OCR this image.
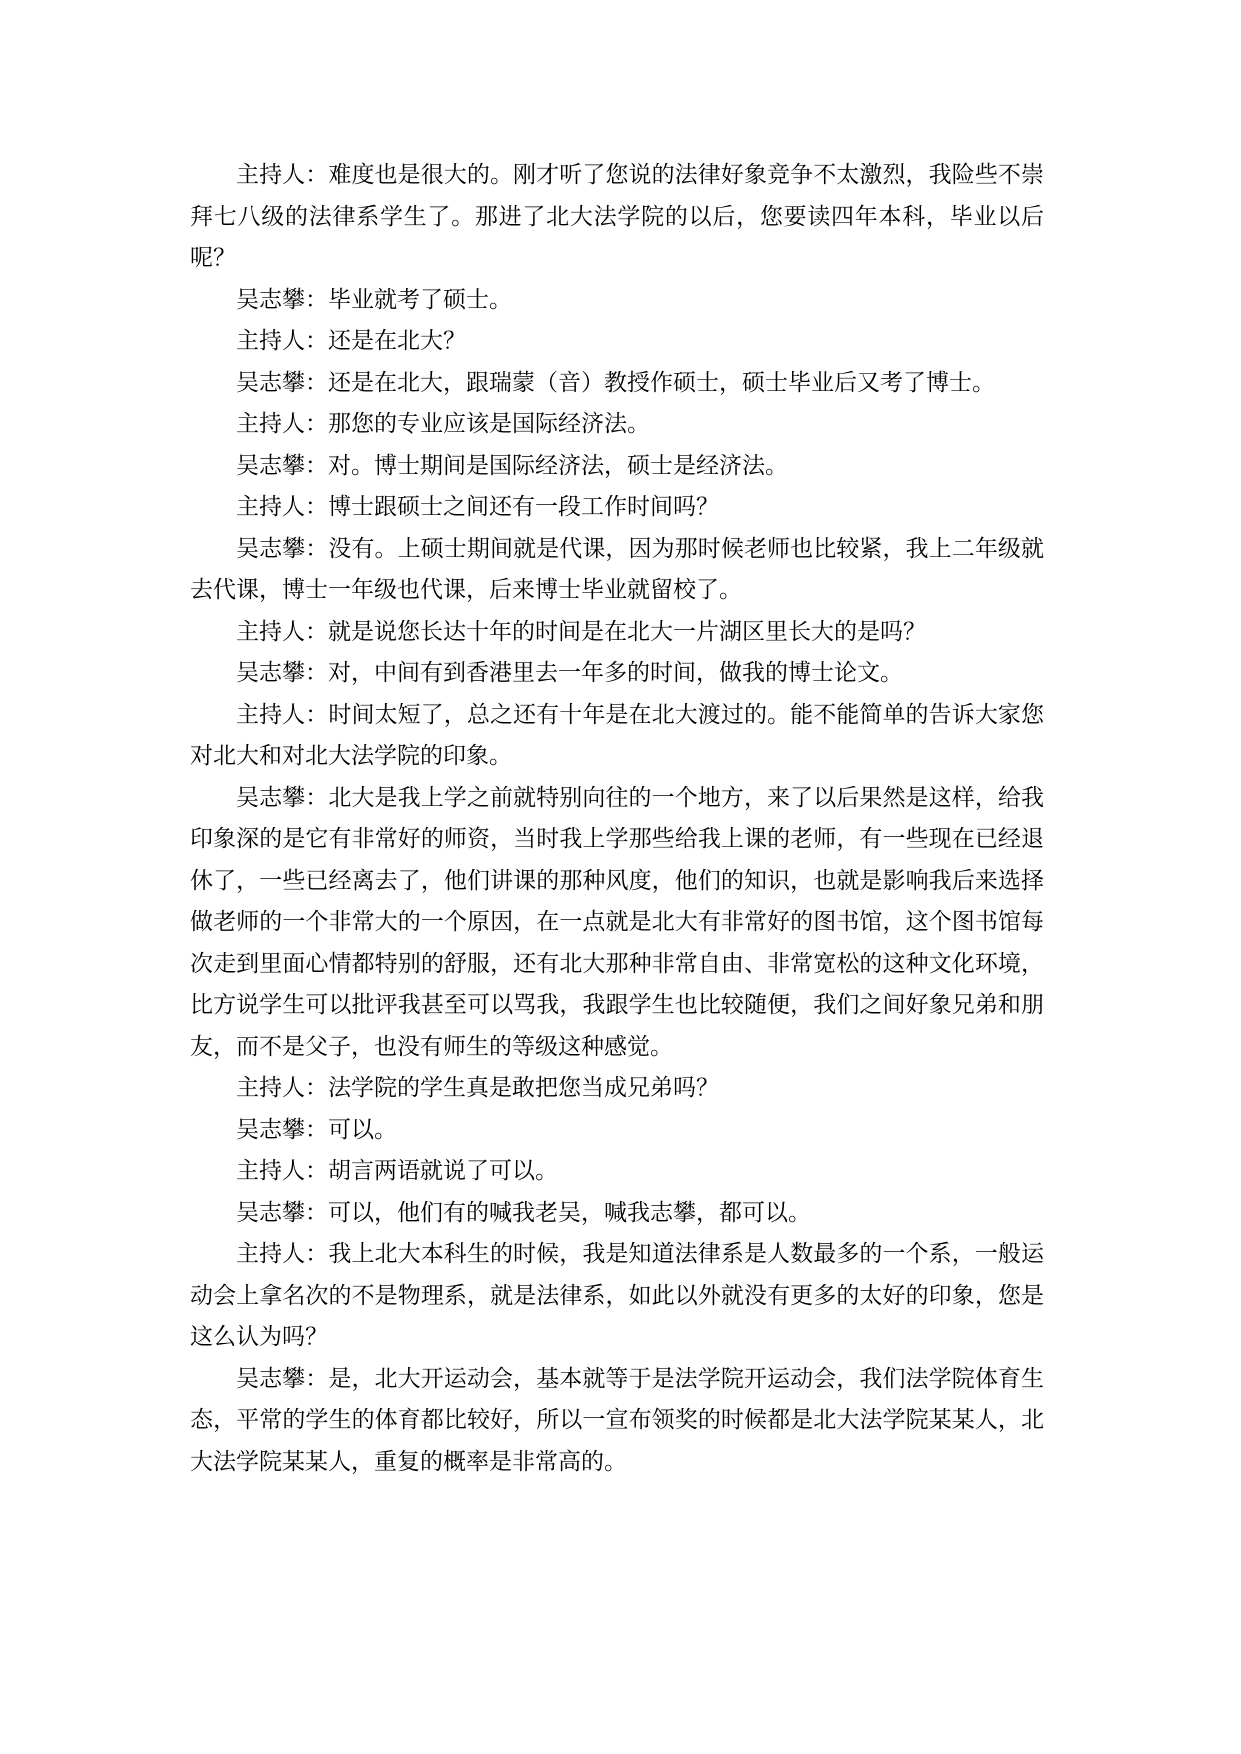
主持人：难度也是很大的。刚才听了您说的法律好象竞争不太激烈，我险些不崇拜七八级的法律系学生了。那进了北大法学院的以后，您要读四年本科，毕业以后呢？

吴志攀：毕业就考了硕士。

主持人：还是在北大？

吴志攀：还是在北大，跟瑞蒙（音）教授作硕士，硕士毕业后又考了博士。

主持人：那您的专业应该是国际经济法。

吴志攀：对。博士期间是国际经济法，硕士是经济法。

主持人：博士跟硕士之间还有一段工作时间吗？

吴志攀：没有。上硕士期间就是代课，因为那时候老师也比较紧，我上二年级就去代课，博士一年级也代课，后来博士毕业就留校了。

主持人：就是说您长达十年的时间是在北大一片湖区里长大的是吗？

吴志攀：对，中间有到香港里去一年多的时间，做我的博士论文。

主持人：时间太短了，总之还有十年是在北大渡过的。能不能简单的告诉大家您对北大和对北大法学院的印象。

吴志攀：北大是我上学之前就特别向往的一个地方，来了以后果然是这样，给我印象深的是它有非常好的师资，当时我上学那些给我上课的老师，有一些现在已经退休了，一些已经离去了，他们讲课的那种风度，他们的知识，也就是影响我后来选择做老师的一个非常大的一个原因，在一点就是北大有非常好的图书馆，这个图书馆每次走到里面心情都特别的舒服，还有北大那种非常自由、非常宽松的这种文化环境，比方说学生可以批评我甚至可以骂我，我跟学生也比较随便，我们之间好象兄弟和朋友，而不是父子，也没有师生的等级这种感觉。

主持人：法学院的学生真是敢把您当成兄弟吗？

吴志攀：可以。

主持人：胡言两语就说了可以。

吴志攀：可以，他们有的喊我老吴，喊我志攀，都可以。

主持人：我上北大本科生的时候，我是知道法律系是人数最多的一个系，一般运动会上拿名次的不是物理系，就是法律系，如此以外就没有更多的太好的印象，您是这么认为吗？

吴志攀：是，北大开运动会，基本就等于是法学院开运动会，我们法学院体育生态，平常的学生的体育都比较好，所以一宣布领奖的时候都是北大法学院某某人，北大法学院某某人，重复的概率是非常高的。
